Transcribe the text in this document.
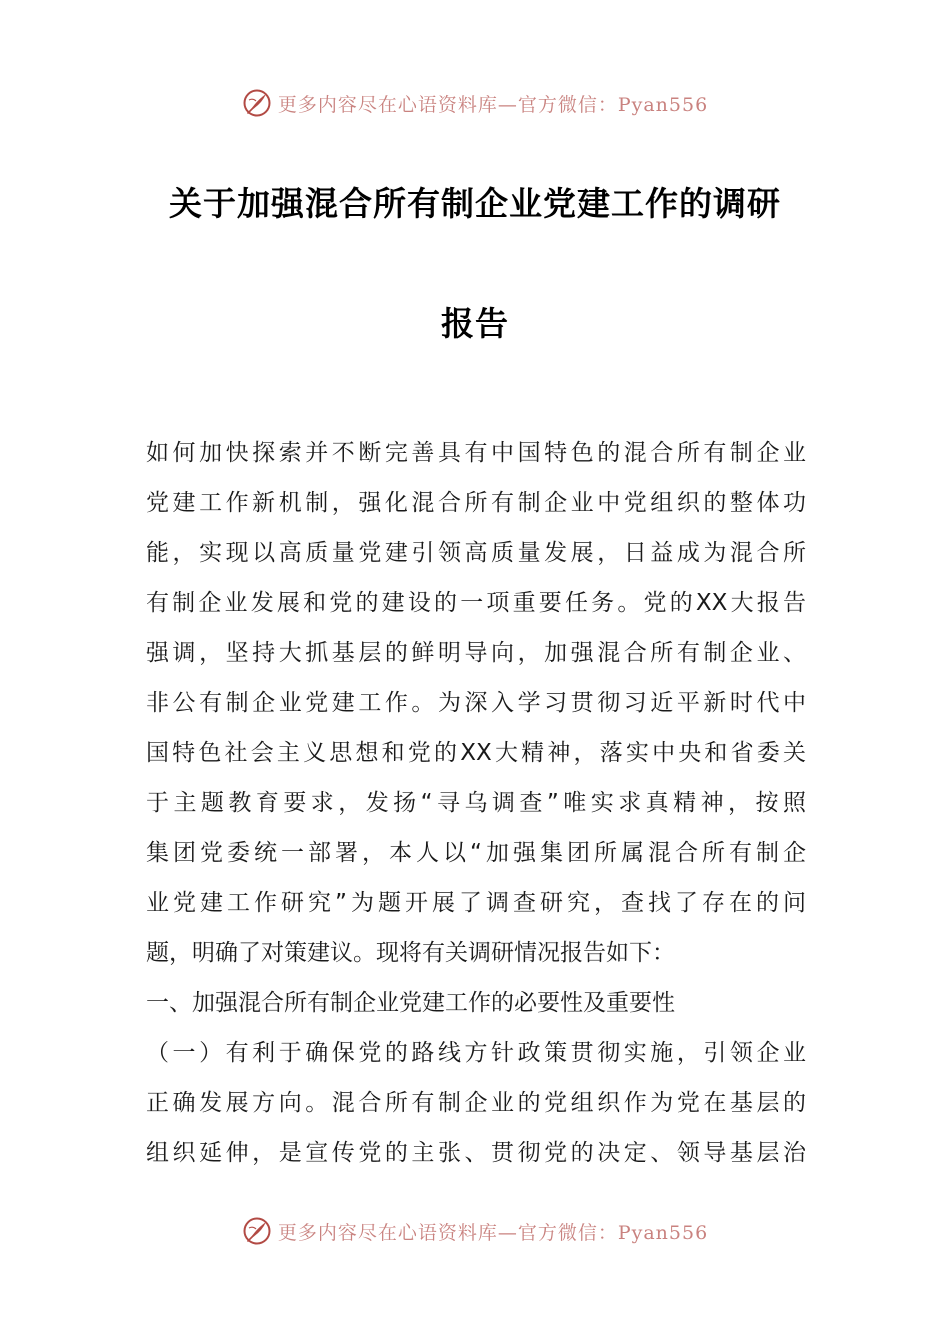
更多内容尽在心语资料库—官方微信：Pyan556
关于加强混合所有制企业党建工作的调研
报告
如何加快探索并不断完善具有中国特色的混合所有制企业
党建工作新机制，强化混合所有制企业中党组织的整体功
能，实现以高质量党建引领高质量发展，日益成为混合所
有制企业发展和党的建设的一项重要任务。党的XX大报告
强调，坚持大抓基层的鲜明导向，加强混合所有制企业、
非公有制企业党建工作。为深入学习贯彻习近平新时代中
国特色社会主义思想和党的XX大精神，落实中央和省委关
于主题教育要求，发扬“寻乌调查”唯实求真精神，按照
集团党委统一部署，本人以“加强集团所属混合所有制企
业党建工作研究”为题开展了调查研究，查找了存在的问
题，明确了对策建议。现将有关调研情况报告如下：
一、加强混合所有制企业党建工作的必要性及重要性
（一）有利于确保党的路线方针政策贯彻实施，引领企业
正确发展方向。混合所有制企业的党组织作为党在基层的
组织延伸，是宣传党的主张、贯彻党的决定、领导基层治
更多内容尽在心语资料库—官方微信：Pyan556
